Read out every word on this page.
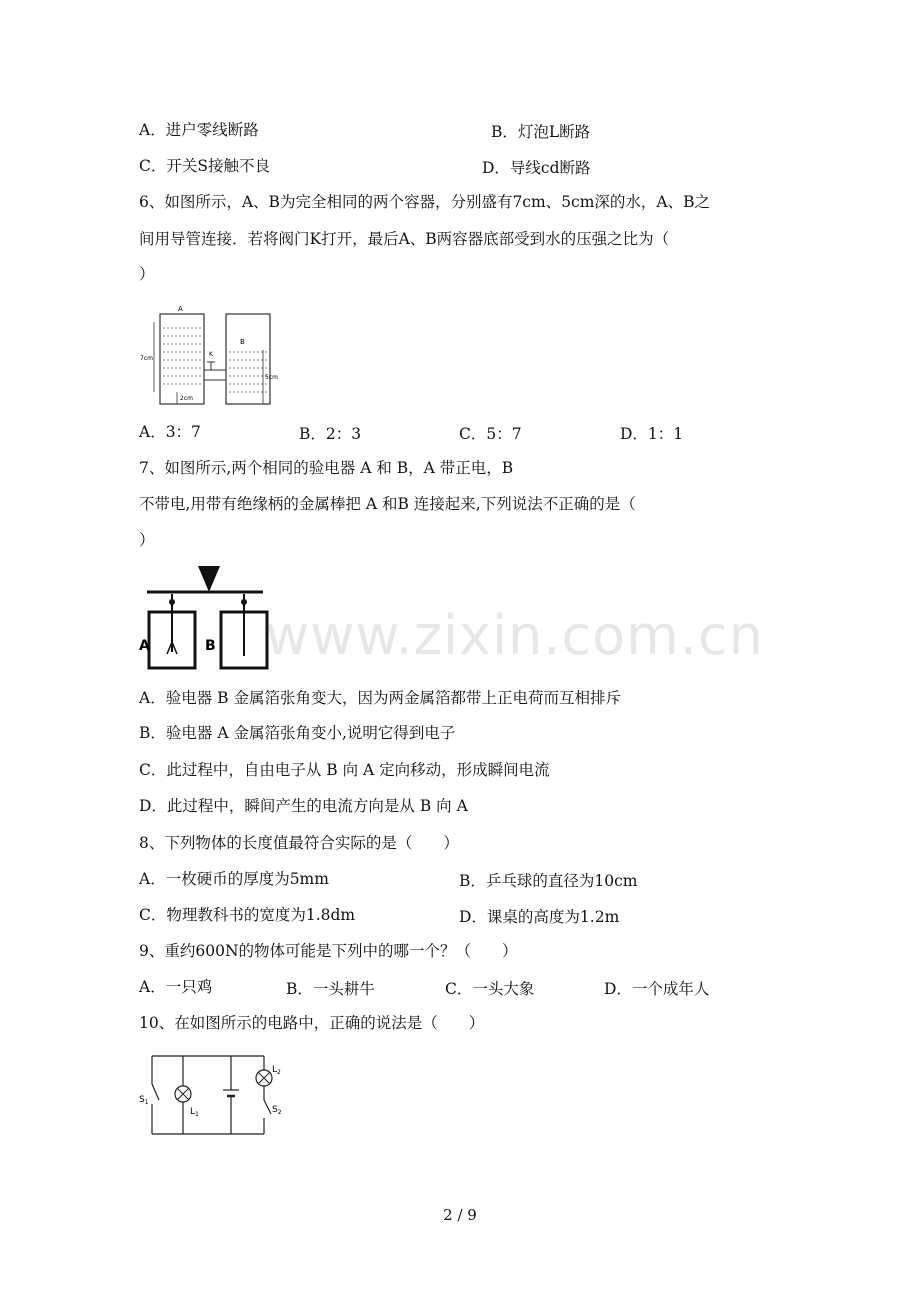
A．进户零线断路	B．灯泡L断路
C．开关S接触不良	D．导线cd断路
6、如图所示，A、B为完全相同的两个容器，分别盛有7cm、5cm深的水，A、B之
间用导管连接．若将阀门K打开，最后A、B两容器底部受到水的压强之比为（
）
A
7cm
2cm
K
B
5cm
A．3：7	B．2：3	C．5：7	D．1：1
7、如图所示,两个相同的验电器 A 和 B，A 带正电，B
不带电,用带有绝缘柄的金属棒把 A 和B 连接起来,下列说法不正确的是（
）
A	B www.zixin.com.cn
A．验电器 B 金属箔张角变大，因为两金属箔都带上正电荷而互相排斥
B．验电器 A 金属箔张角变小,说明它得到电子
C．此过程中，自由电子从 B 向 A 定向移动，形成瞬间电流
D．此过程中，瞬间产生的电流方向是从 B 向 A
8、下列物体的长度值最符合实际的是（　　）
A．一枚硬币的厚度为5mm	B．乒乓球的直径为10cm
C．物理教科书的宽度为1.8dm	D．课桌的高度为1.2m
9、重约600N的物体可能是下列中的哪一个？（　　）
A．一只鸡	B．一头耕牛	C．一头大象	D．一个成年人
10、在如图所示的电路中，正确的说法是（　　）
$S_1$
$L_1$
$L_2$
$S_2$
2 / 9
